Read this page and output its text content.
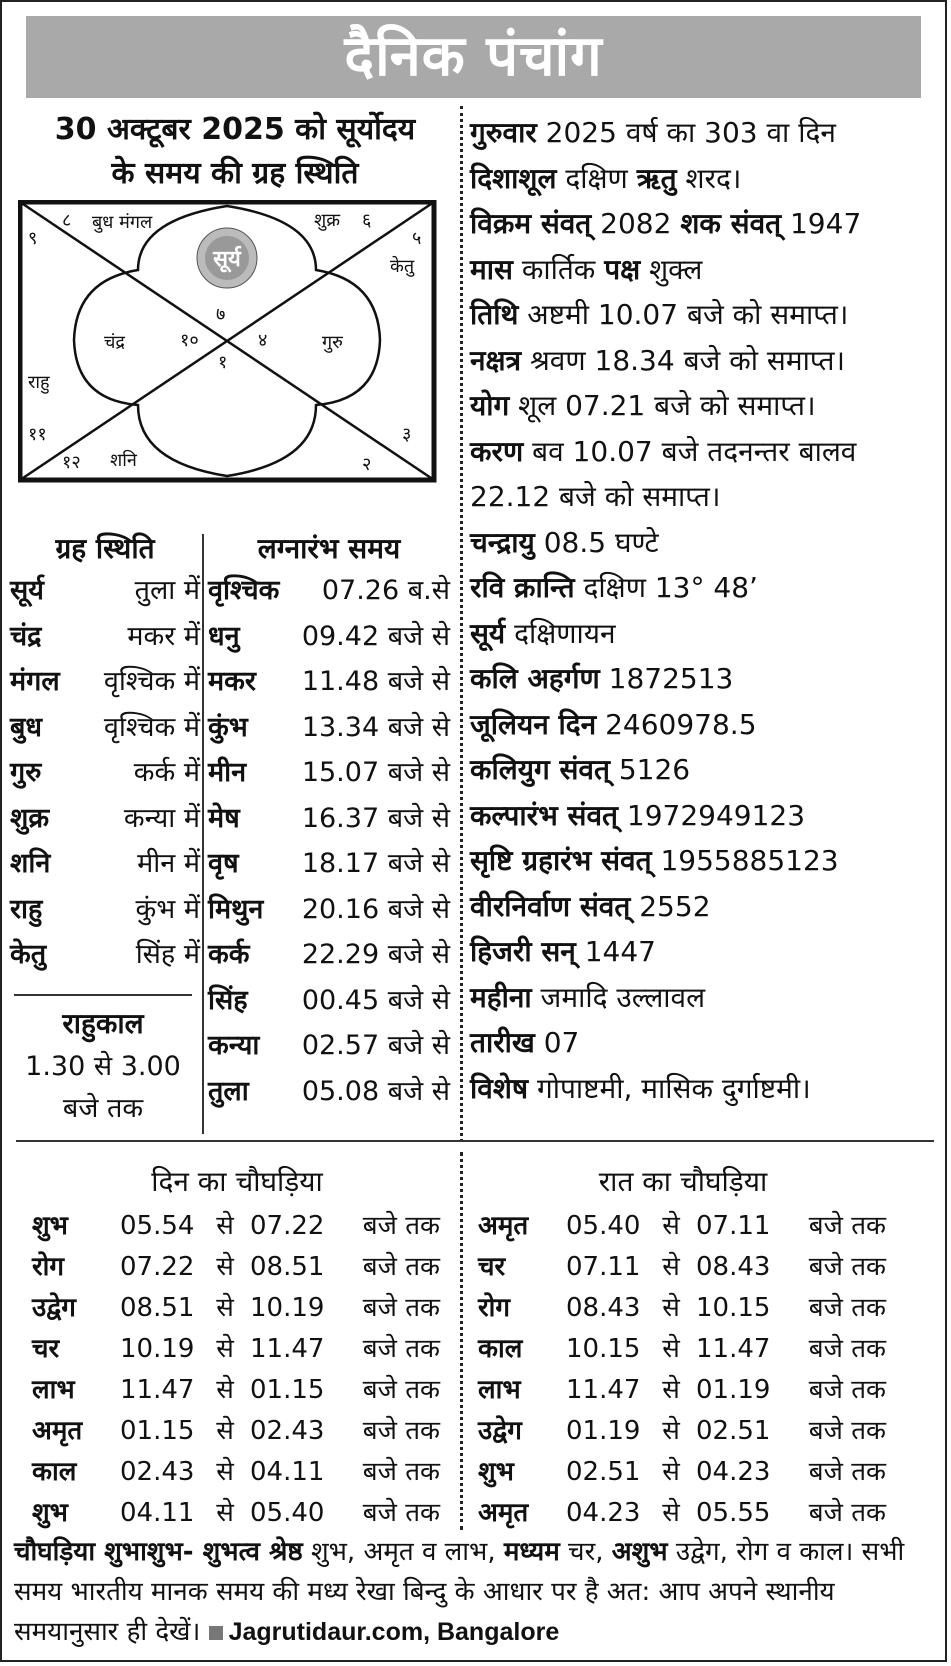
दैनिक पंचांग
30 अक्टूबर 2025 को सूर्योदय
के समय की ग्रह स्थिति
सूर्य
८ बुध मंगल	शुक्र ६
९	५
केतु
७
चंद्र	१०	४	गुरु
१
राहु
११	३
१२ शनि	२
गुरुवार 2025 वर्ष का 303 वा दिन
दिशाशूल दक्षिण ऋतु शरद।
विक्रम संवत् 2082 शक संवत् 1947
मास कार्तिक पक्ष शुक्ल
तिथि अष्टमी 10.07 बजे को समाप्त।
नक्षत्र श्रवण 18.34 बजे को समाप्त।
योग शूल 07.21 बजे को समाप्त।
करण बव 10.07 बजे तदनन्तर बालव
22.12 बजे को समाप्त।
चन्द्रायु 08.5 घण्टे
रवि क्रान्ति दक्षिण 13° 48’
सूर्य दक्षिणायन
कलि अहर्गण 1872513
जूलियन दिन 2460978.5
कलियुग संवत् 5126
कल्पारंभ संवत् 1972949123
सृष्टि ग्रहारंभ संवत् 1955885123
वीरनिर्वाण संवत् 2552
हिजरी सन् 1447
महीना जमादि उल्लावल
तारीख 07
विशेष गोपाष्टमी, मासिक दुर्गाष्टमी।
ग्रह स्थिति
सूर्य	तुला में
चंद्र	मकर में
मंगल वृश्चिक में
बुध वृश्चिक में
गुरु	कर्क में
शुक्र	कन्या में
शनि	मीन में
राहु	कुंभ में
केतु	सिंह में
लग्नारंभ समय
वृश्चिक 07.26 ब.से
धनु 09.42 बजे से
मकर 11.48 बजे से
कुंभ 13.34 बजे से
मीन 15.07 बजे से
मेष 16.37 बजे से
वृष 18.17 बजे से
मिथुन 20.16 बजे से
कर्क 22.29 बजे से
सिंह 00.45 बजे से
कन्या 02.57 बजे से
तुला 05.08 बजे से
राहुकाल
1.30 से 3.00
बजे तक
दिन का चौघड़िया
शुभ	05.54 से 07.22	बजे तक
रोग	07.22 से 08.51	बजे तक
उद्वेग	08.51 से 10.19	बजे तक
चर	10.19 से 11.47	बजे तक
लाभ	11.47 से 01.15	बजे तक
अमृत	01.15 से 02.43	बजे तक
काल	02.43 से 04.11	बजे तक
शुभ	04.11 से 05.40	बजे तक
रात का चौघड़िया
अमृत	05.40 से 07.11	बजे तक
चर	07.11 से 08.43	बजे तक
रोग	08.43 से 10.15	बजे तक
काल	10.15 से 11.47	बजे तक
लाभ	11.47 से 01.19	बजे तक
उद्वेग	01.19 से 02.51	बजे तक
शुभ	02.51 से 04.23	बजे तक
अमृत	04.23 से 05.55	बजे तक
चौघड़िया शुभाशुभ- शुभत्व श्रेष्ठ शुभ, अमृत व लाभ, मध्यम चर, अशुभ उद्वेग, रोग व काल। सभी समय भारतीय मानक समय की मध्य रेखा बिन्दु के आधार पर है अत: आप अपने स्थानीय समयानुसार ही देखें। Jagrutidaur.com, Bangalore
